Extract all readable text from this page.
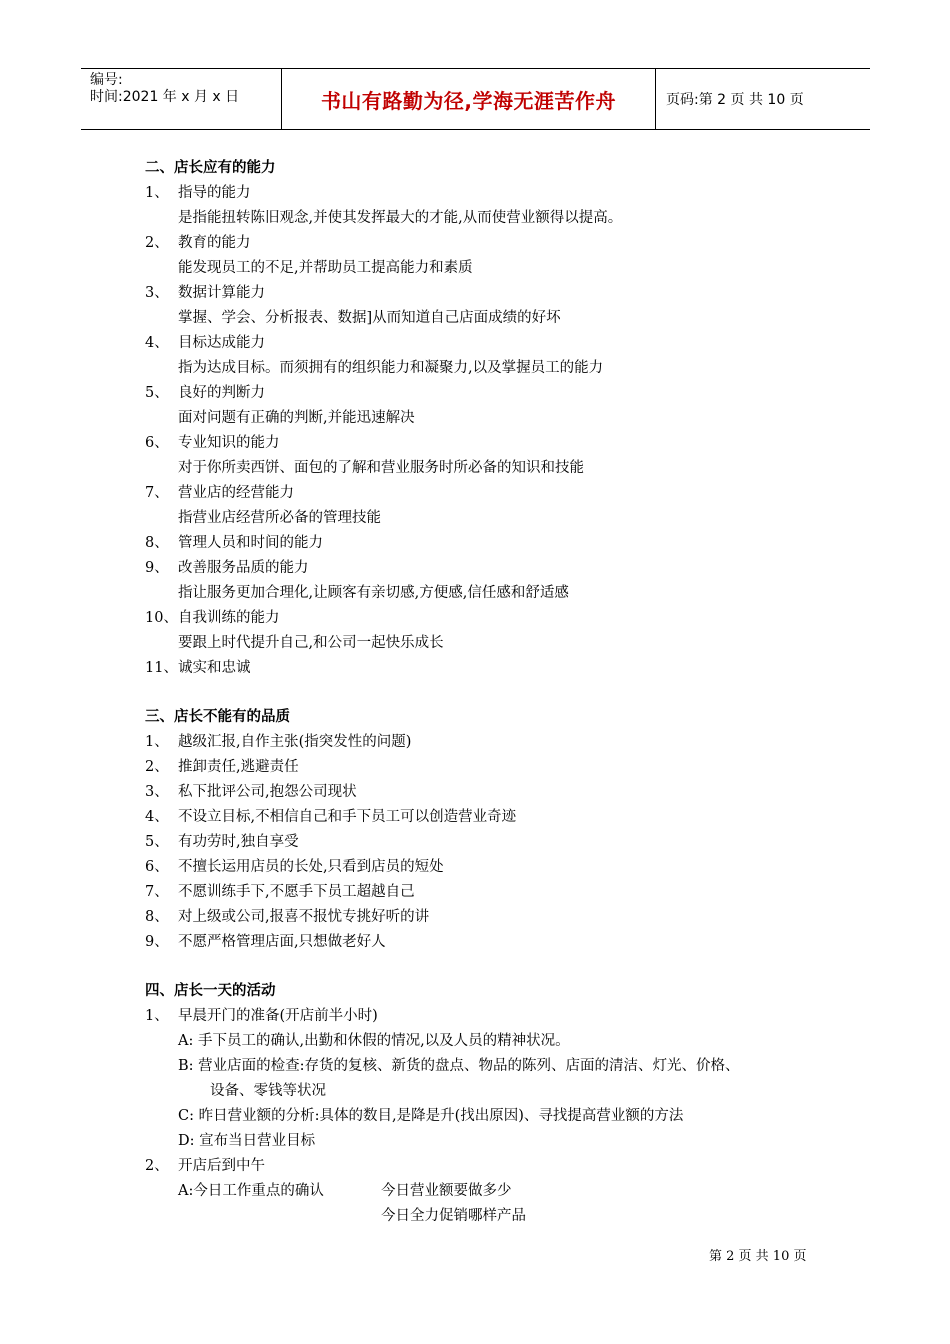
编号:
时间:2021 年 x 月 x 日	书山有路勤为径,学海无涯苦作舟	页码:第 2 页 共 10 页
二、店长应有的能力
1、 指导的能力
是指能扭转陈旧观念,并使其发挥最大的才能,从而使营业额得以提高。
2、 教育的能力
能发现员工的不足,并帮助员工提高能力和素质
3、 数据计算能力
掌握、学会、分析报表、数据]从而知道自己店面成绩的好坏
4、 目标达成能力
指为达成目标。而须拥有的组织能力和凝聚力,以及掌握员工的能力
5、 良好的判断力
面对问题有正确的判断,并能迅速解决
6、 专业知识的能力
对于你所卖西饼、面包的了解和营业服务时所必备的知识和技能
7、 营业店的经营能力
指营业店经营所必备的管理技能
8、 管理人员和时间的能力
9、 改善服务品质的能力
指让服务更加合理化,让顾客有亲切感,方便感,信任感和舒适感
10、 自我训练的能力
要跟上时代提升自己,和公司一起快乐成长
11、 诚实和忠诚
三、店长不能有的品质
1、 越级汇报,自作主张(指突发性的问题)
2、 推卸责任,逃避责任
3、 私下批评公司,抱怨公司现状
4、 不设立目标,不相信自己和手下员工可以创造营业奇迹
5、 有功劳时,独自享受
6、 不擅长运用店员的长处,只看到店员的短处
7、 不愿训练手下,不愿手下员工超越自己
8、 对上级或公司,报喜不报忧专挑好听的讲
9、 不愿严格管理店面,只想做老好人
四、店长一天的活动
1、 早晨开门的准备(开店前半小时)
A: 手下员工的确认,出勤和休假的情况,以及人员的精神状况。
B: 营业店面的检查:存货的复核、新货的盘点、物品的陈列、店面的清洁、灯光、价格、
设备、零钱等状况
C: 昨日营业额的分析:具体的数目,是降是升(找出原因)、寻找提高营业额的方法
D: 宣布当日营业目标
2、 开店后到中午
A:今日工作重点的确认	今日营业额要做多少
今日全力促销哪样产品
第 2 页 共 10 页
